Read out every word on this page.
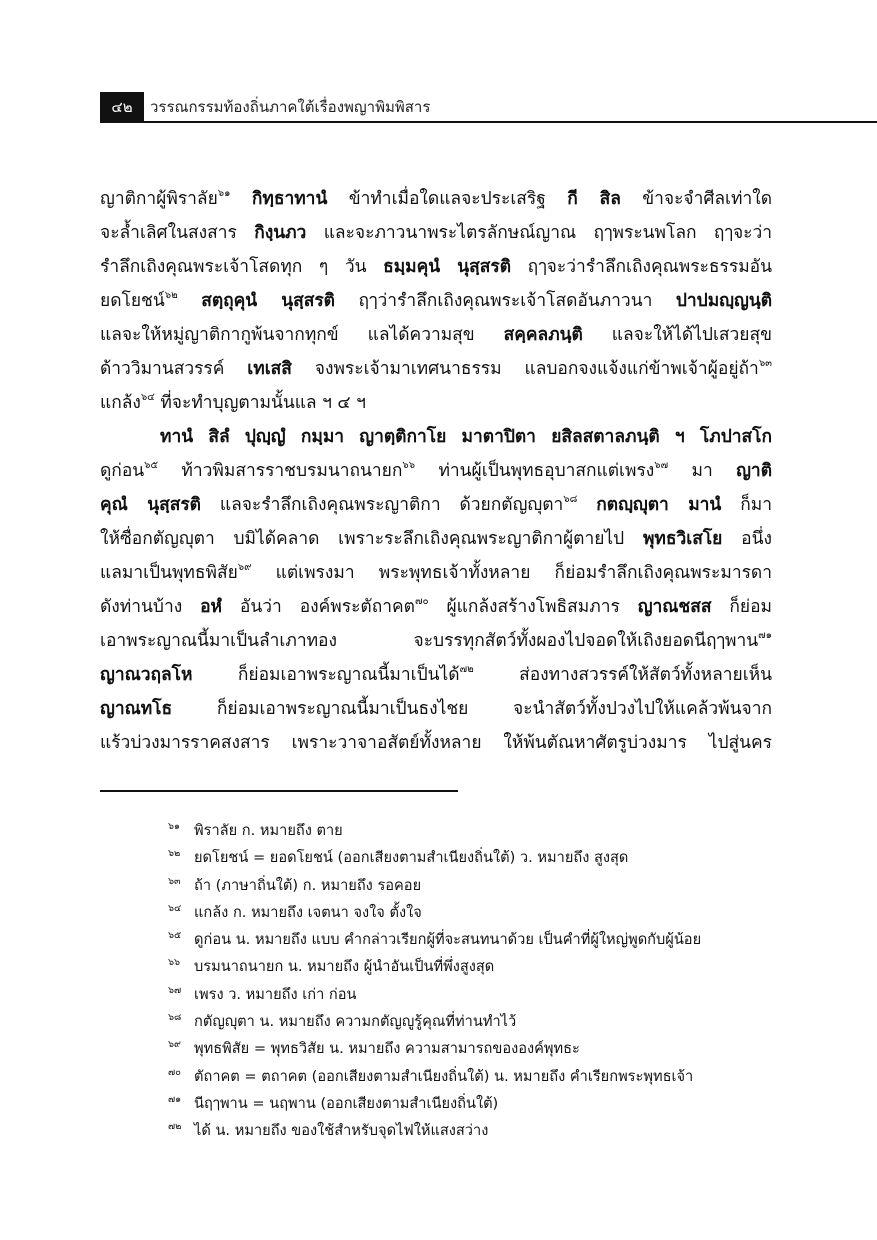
๔๒	วรรณกรรมท้องถิ่นภาคใต้เรื่องพญาพิมพิสาร
ญาติกาผู้พิราลัย$^{๖๑}$ กิทฺธาทานํ ข้าทำเมื่อใดแลจะประเสริฐ กี สิล ข้าจะจำศีลเท่าใด
จะล้ำเลิศในสงสาร กิงฺนภว และจะภาวนาพระไตรลักษณ์ญาณ ฤๅพระนพโลก ฤๅจะว่า
รำลึกเถิงคุณพระเจ้าโสดทุก ๆ วัน ธมฺมคุนํ นุสฺสรติ ฤๅจะว่ารำลึกเถิงคุณพระธรรมอัน
ยดโยชน์$^{๖๒}$ สตฺถุคุนํ นุสฺสรติ ฤๅว่ารำลึกเถิงคุณพระเจ้าโสดอันภาวนา ปาปมญฺญนฺติ
แลจะให้หมู่ญาติกากูพ้นจากทุกข์ แลได้ความสุข สคฺคลภนฺติ แลจะให้ได้ไปเสวยสุข
ด้าววิมานสวรรค์ เทเสสิ จงพระเจ้ามาเทศนาธรรม แลบอกจงแจ้งแก่ข้าพเจ้าผู้อยู่ถ้า$^{๖๓}$
แกล้ง$^{๖๔}$ ที่จะทำบุญตามนั้นแล ฯ ๔ ฯ
ทานํ สิลํ ปุญฺญํ กมฺมา ญาตฺติกาโย มาตาปิตา ยสิลสตาลภนฺติ ฯ โภปาสโก
ดูก่อน$^{๖๕}$ ท้าวพิมสารราชบรมนาถนายก$^{๖๖}$ ท่านผู้เป็นพุทธอุบาสกแต่เพรง$^{๖๗}$ มา ญาติ
คุณํ นุสฺสรติ แลจะรำลึกเถิงคุณพระญาติกา ด้วยกตัญญุตา$^{๖๘}$ กตญฺญุตา มานํ ก็มา
ให้ซื่อกตัญญุตา บมิได้คลาด เพราะระลึกเถิงคุณพระญาติกาผู้ตายไป พุทธวิเสโย อนึ่ง
แลมาเป็นพุทธพิสัย$^{๖๙}$ แต่เพรงมา พระพุทธเจ้าทั้งหลาย ก็ย่อมรำลึกเถิงคุณพระมารดา
ดังท่านบ้าง อหํ อันว่า องค์พระตัถาคต$^{๗๐}$ ผู้แกล้งสร้างโพธิสมภาร ญาณชสส ก็ย่อม
เอาพระญาณนี้มาเป็นลำเภาทอง จะบรรทุกสัตว์ทั้งผองไปจอดให้เถิงยอดนีฤๅพาน$^{๗๑}$
ญาณวฤลโห ก็ย่อมเอาพระญาณนี้มาเป็นได้$^{๗๒}$ ส่องทางสวรรค์ให้สัตว์ทั้งหลายเห็น
ญาณทโธ ก็ย่อมเอาพระญาณนี้มาเป็นธงไชย จะนำสัตว์ทั้งปวงไปให้แคล้วพ้นจาก
แร้วบ่วงมารราคสงสาร เพราะวาจาอสัตย์ทั้งหลาย ให้พ้นตัณหาศัตรูบ่วงมาร ไปสู่นคร
๖๑ พิราลัย ก. หมายถึง ตาย
๖๒ ยดโยชน์ = ยอดโยชน์ (ออกเสียงตามสำเนียงถิ่นใต้) ว. หมายถึง สูงสุด
๖๓ ถ้า (ภาษาถิ่นใต้) ก. หมายถึง รอคอย
๖๔ แกล้ง ก. หมายถึง เจตนา จงใจ ตั้งใจ
๖๕ ดูก่อน น. หมายถึง แบบ คำกล่าวเรียกผู้ที่จะสนทนาด้วย เป็นคำที่ผู้ใหญ่พูดกับผู้น้อย
๖๖ บรมนาถนายก น. หมายถึง ผู้นำอันเป็นที่พึ่งสูงสุด
๖๗ เพรง ว. หมายถึง เก่า ก่อน
๖๘ กตัญญุตา น. หมายถึง ความกตัญญูรู้คุณที่ท่านทำไว้
๖๙ พุทธพิสัย = พุทธวิสัย น. หมายถึง ความสามารถขององค์พุทธะ
๗๐ ตัถาคต = ตถาคต (ออกเสียงตามสำเนียงถิ่นใต้) น. หมายถึง คำเรียกพระพุทธเจ้า
๗๑ นีฤๅพาน = นฤพาน (ออกเสียงตามสำเนียงถิ่นใต้)
๗๒ ได้ น. หมายถึง ของใช้สำหรับจุดไฟให้แสงสว่าง
